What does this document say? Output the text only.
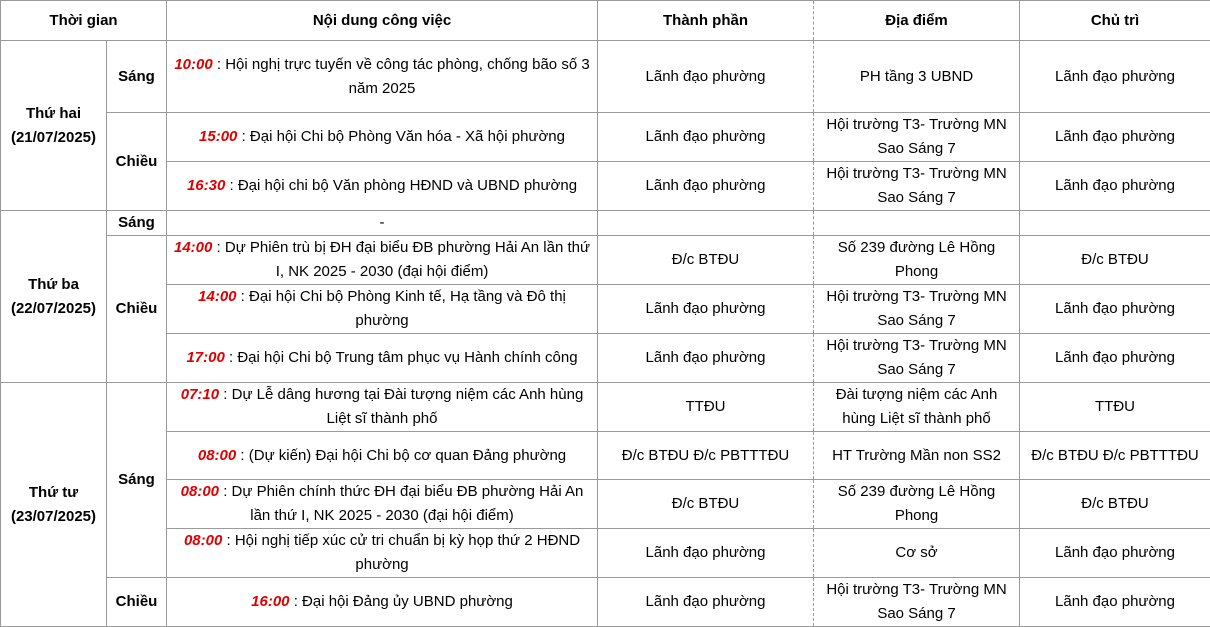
Thời gian		Nội dung công việc	Thành phần	Địa điểm	Chủ trì

Thứ hai
(21/07/2025)	Sáng	10:00 : Hội nghị trực tuyến về công tác phòng, chống bão số 3 năm 2025	Lãnh đạo phường	PH tầng 3 UBND	Lãnh đạo phường
	Chiều	15:00 : Đại hội Chi bộ Phòng Văn hóa - Xã hội phường	Lãnh đạo phường	Hội trường T3- Trường MN Sao Sáng 7	Lãnh đạo phường
		16:30 : Đại hội chi bộ Văn phòng HĐND và UBND phường	Lãnh đạo phường	Hội trường T3- Trường MN Sao Sáng 7	Lãnh đạo phường

Thứ ba
(22/07/2025)	Sáng	-			
	Chiều	14:00 : Dự Phiên trù bị ĐH đại biểu ĐB phường Hải An lần thứ I, NK 2025 - 2030 (đại hội điểm)	Đ/c BTĐU	Số 239 đường Lê Hồng Phong	Đ/c BTĐU
		14:00 : Đại hội Chi bộ Phòng Kinh tế, Hạ tầng và Đô thị phường	Lãnh đạo phường	Hội trường T3- Trường MN Sao Sáng 7	Lãnh đạo phường
		17:00 : Đại hội Chi bộ Trung tâm phục vụ Hành chính công	Lãnh đạo phường	Hội trường T3- Trường MN Sao Sáng 7	Lãnh đạo phường

Thứ tư
(23/07/2025)	Sáng	07:10 : Dự Lễ dâng hương tại Đài tượng niệm các Anh hùng Liệt sĩ thành phố	TTĐU	Đài tượng niệm các Anh hùng Liệt sĩ thành phố	TTĐU
		08:00 : (Dự kiến) Đại hội Chi bộ cơ quan Đảng phường	Đ/c BTĐU Đ/c PBTTTĐU	HT Trường Mần non SS2	Đ/c BTĐU Đ/c PBTTTĐU
		08:00 : Dự Phiên chính thức ĐH đại biểu ĐB phường Hải An lần thứ I, NK 2025 - 2030 (đại hội điểm)	Đ/c BTĐU	Số 239 đường Lê Hồng Phong	Đ/c BTĐU
		08:00 : Hội nghị tiếp xúc cử tri chuẩn bị kỳ họp thứ 2 HĐND phường	Lãnh đạo phường	Cơ sở	Lãnh đạo phường
	Chiều	16:00 : Đại hội Đảng ủy UBND phường	Lãnh đạo phường	Hội trường T3- Trường MN Sao Sáng 7	Lãnh đạo phường
